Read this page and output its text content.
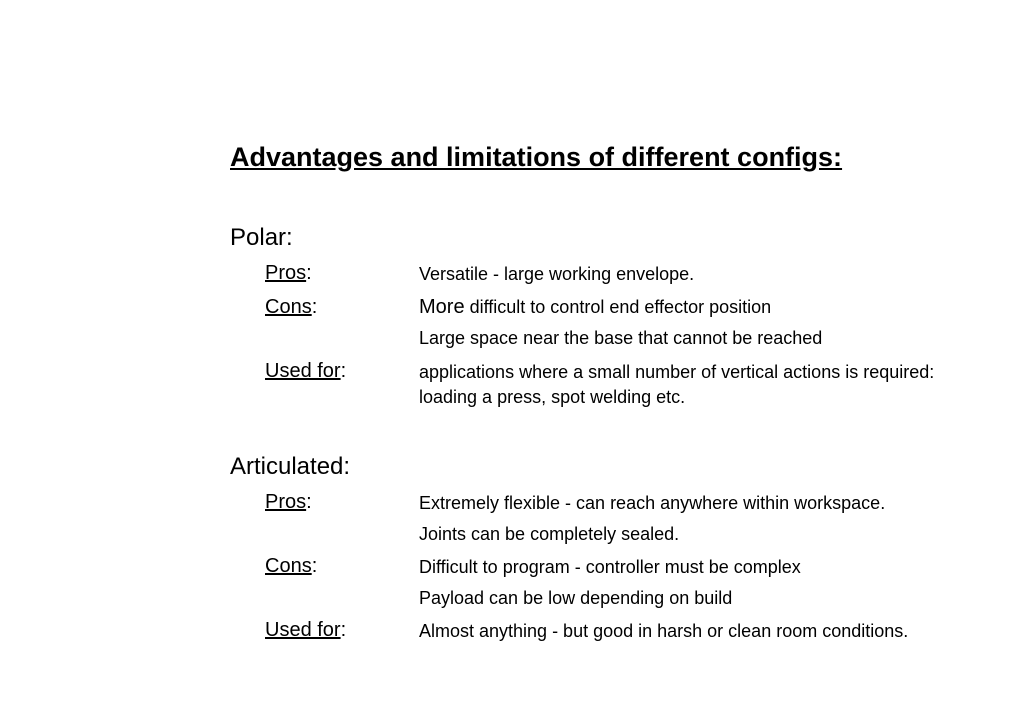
Advantages and limitations of different configs:
Polar:
Pros:	Versatile - large working envelope.
Cons:	More difficult to control end effector position
Large space near the base that cannot be reached
Used for:	applications where a small number of vertical actions is required: loading a press, spot welding etc.
Articulated:
Pros:	Extremely flexible - can reach anywhere within workspace.
Joints can be completely sealed.
Cons:	Difficult to program - controller must be complex
Payload can be low depending on build
Used for:	Almost anything - but good in harsh or clean room conditions.
